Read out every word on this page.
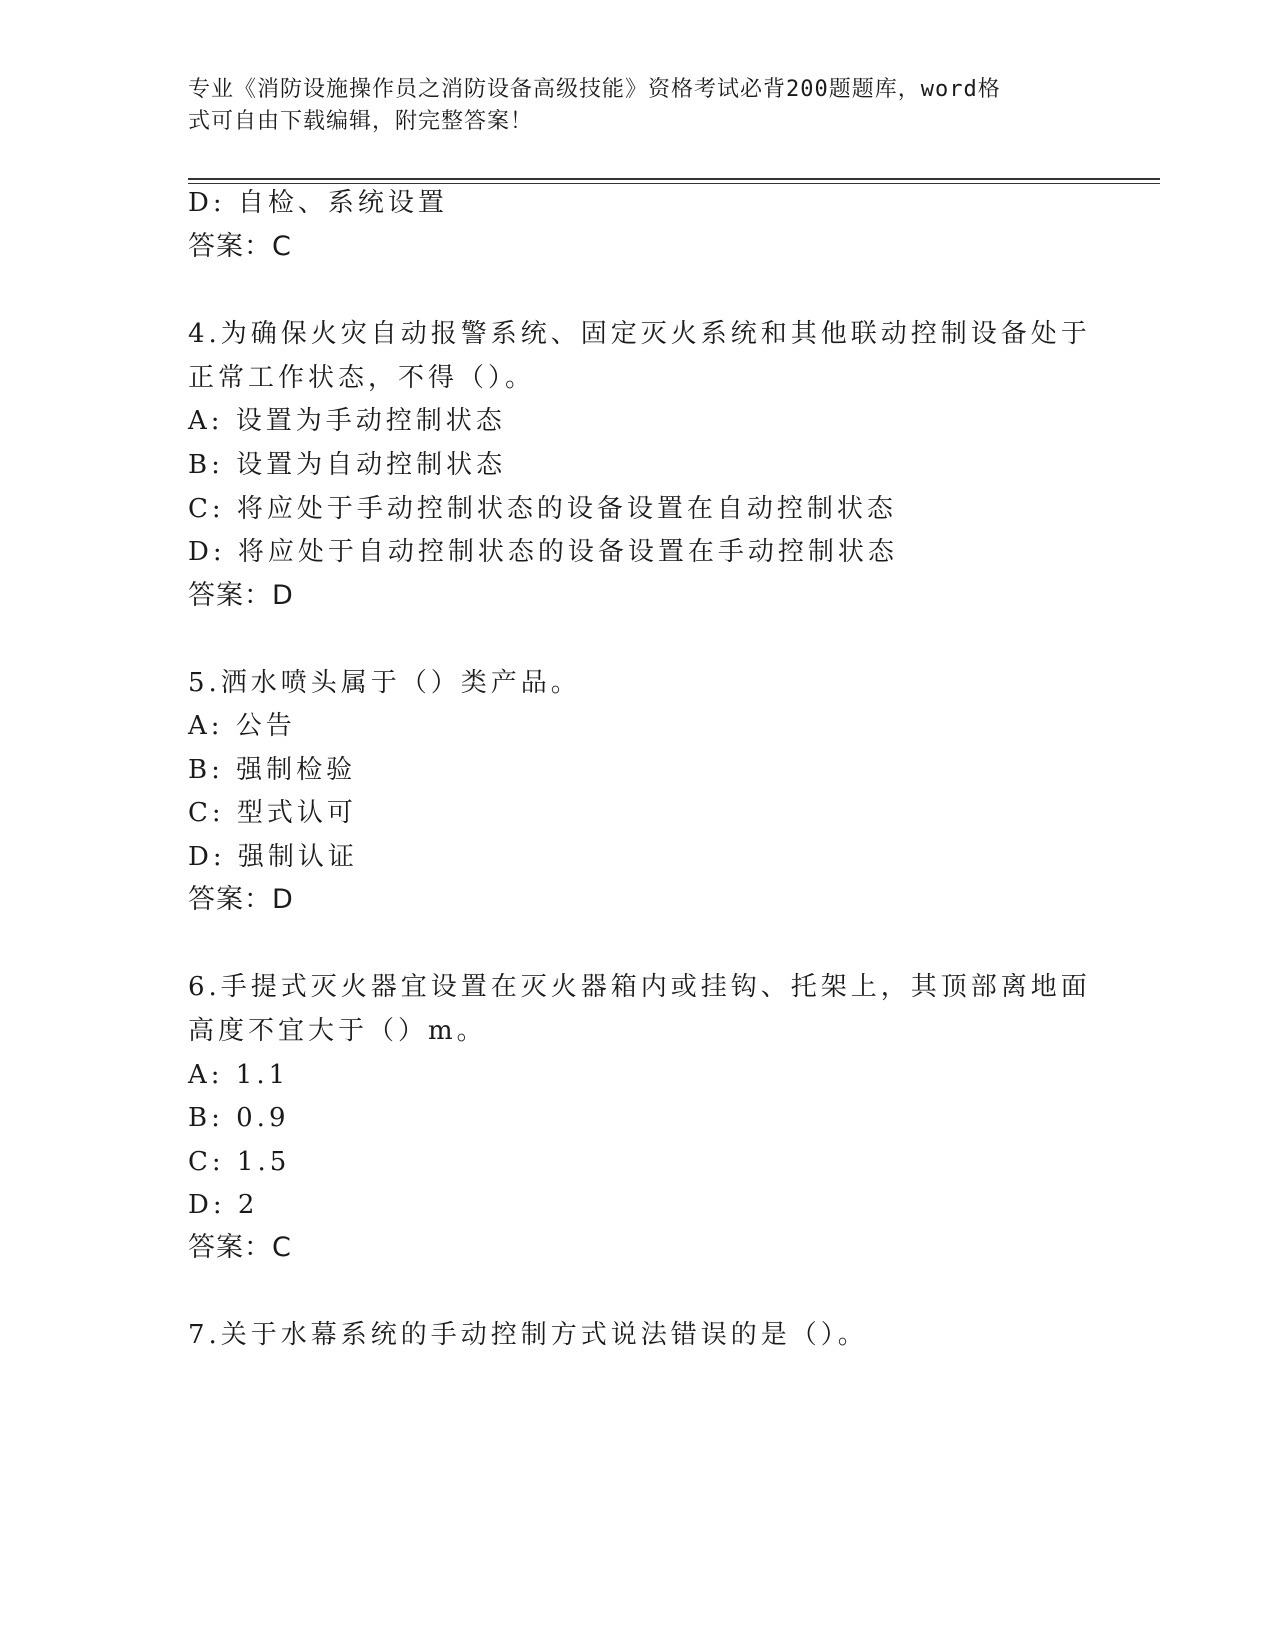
专业《消防设施操作员之消防设备高级技能》资格考试必背200题题库，word格
式可自由下载编辑，附完整答案！
D: 自检、系统设置
答案：C
4.为确保火灾自动报警系统、固定灭火系统和其他联动控制设备处于
正常工作状态，不得（）。
A: 设置为手动控制状态
B: 设置为自动控制状态
C: 将应处于手动控制状态的设备设置在自动控制状态
D: 将应处于自动控制状态的设备设置在手动控制状态
答案：D
5.洒水喷头属于（）类产品。
A: 公告
B: 强制检验
C: 型式认可
D: 强制认证
答案：D
6.手提式灭火器宜设置在灭火器箱内或挂钩、托架上，其顶部离地面
高度不宜大于（）m。
A: 1.1
B: 0.9
C: 1.5
D: 2
答案：C
7.关于水幕系统的手动控制方式说法错误的是（）。
